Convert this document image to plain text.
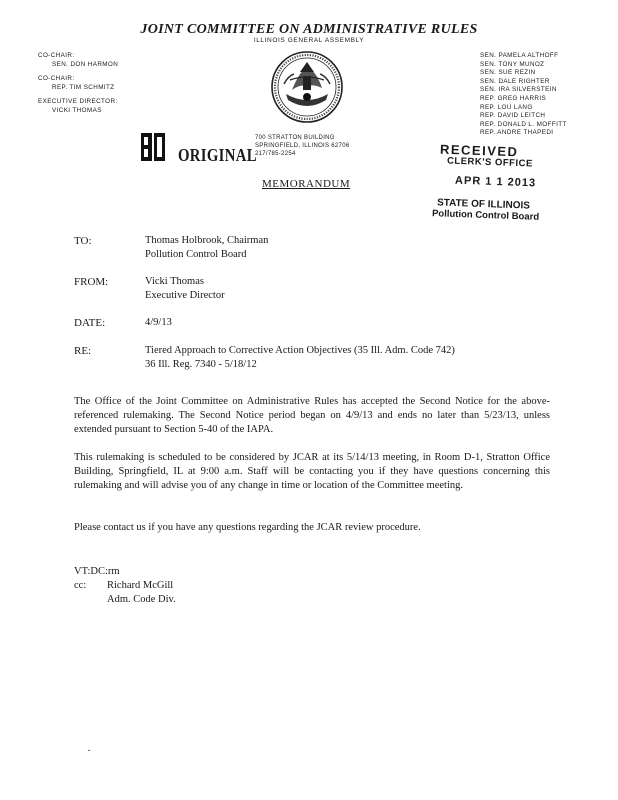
JOINT COMMITTEE ON ADMINISTRATIVE RULES
ILLINOIS GENERAL ASSEMBLY
CO-CHAIR:
SEN. DON HARMON
CO-CHAIR:
REP. TIM SCHMITZ
EXECUTIVE DIRECTOR:
VICKI THOMAS
SEN. PAMELA ALTHOFF
SEN. TONY MUNOZ
SEN. SUE REZIN
SEN. DALE RIGHTER
SEN. IRA SILVERSTEIN
REP. GREG HARRIS
REP. LOU LANG
REP. DAVID LEITCH
REP. DONALD L. MOFFITT
REP. ANDRE THAPEDI
700 STRATTON BUILDING
SPRINGFIELD, ILLINOIS 62706
217/785-2254
ORIGINAL	RECEIVED
CLERK'S OFFICE
APR 1 1 2013
STATE OF ILLINOIS
Pollution Control Board
MEMORANDUM
TO:	Thomas Holbrook, Chairman
Pollution Control Board
FROM:	Vicki Thomas
Executive Director
DATE:	4/9/13
RE:	Tiered Approach to Corrective Action Objectives (35 Ill. Adm. Code 742)
36 Ill. Reg. 7340 - 5/18/12
The Office of the Joint Committee on Administrative Rules has accepted the Second Notice for the above-referenced rulemaking. The Second Notice period began on 4/9/13 and ends no later than 5/23/13, unless extended pursuant to Section 5-40 of the IAPA.
This rulemaking is scheduled to be considered by JCAR at its 5/14/13 meeting, in Room D-1, Stratton Office Building, Springfield, IL at 9:00 a.m. Staff will be contacting you if they have questions concerning this rulemaking and will advise you of any change in time or location of the Committee meeting.
Please contact us if you have any questions regarding the JCAR review procedure.
VT:DC:rm
cc: Richard McGill
Adm. Code Div.
